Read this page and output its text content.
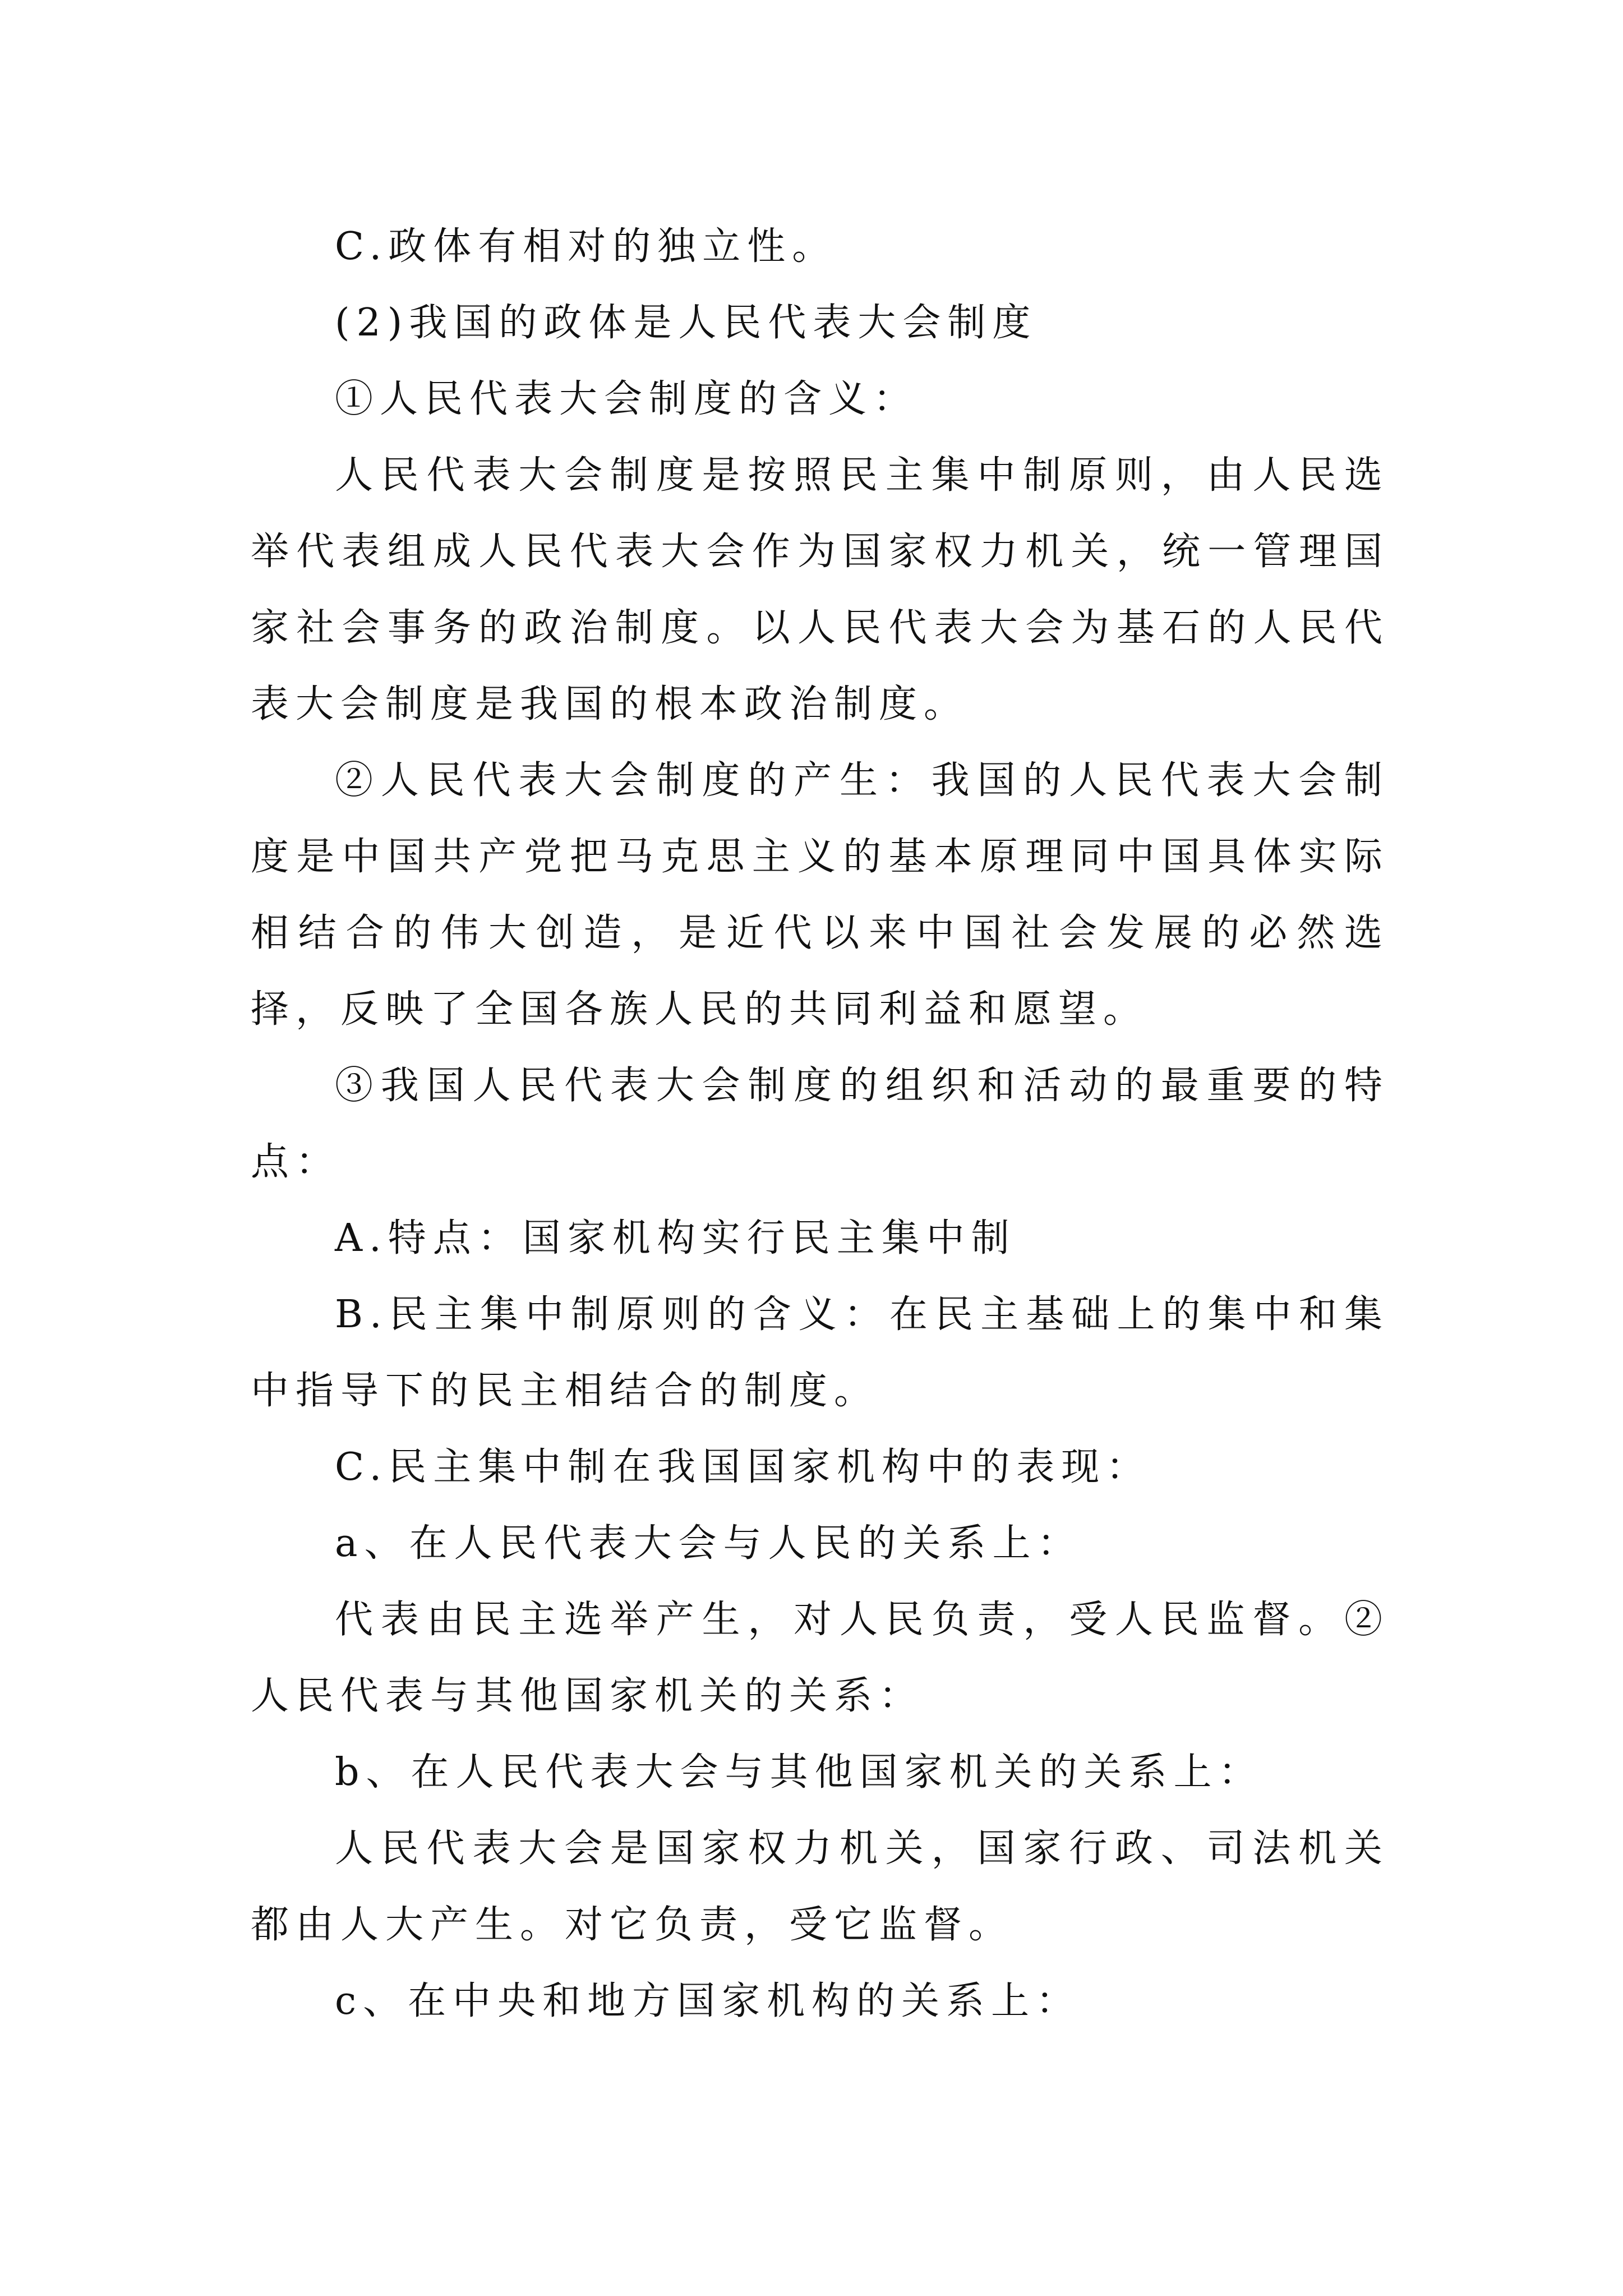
C.政体有相对的独立性。

(2)我国的政体是人民代表大会制度

①人民代表大会制度的含义：

人民代表大会制度是按照民主集中制原则，由人民选举代表组成人民代表大会作为国家权力机关，统一管理国家社会事务的政治制度。以人民代表大会为基石的人民代表大会制度是我国的根本政治制度。

②人民代表大会制度的产生：我国的人民代表大会制度是中国共产党把马克思主义的基本原理同中国具体实际相结合的伟大创造，是近代以来中国社会发展的必然选择，反映了全国各族人民的共同利益和愿望。

③我国人民代表大会制度的组织和活动的最重要的特点：

A.特点：国家机构实行民主集中制

B.民主集中制原则的含义：在民主基础上的集中和集中指导下的民主相结合的制度。

C.民主集中制在我国国家机构中的表现：

a、在人民代表大会与人民的关系上：

代表由民主选举产生，对人民负责，受人民监督。②人民代表与其他国家机关的关系：

b、在人民代表大会与其他国家机关的关系上：

人民代表大会是国家权力机关，国家行政、司法机关都由人大产生。对它负责，受它监督。

c、在中央和地方国家机构的关系上：
